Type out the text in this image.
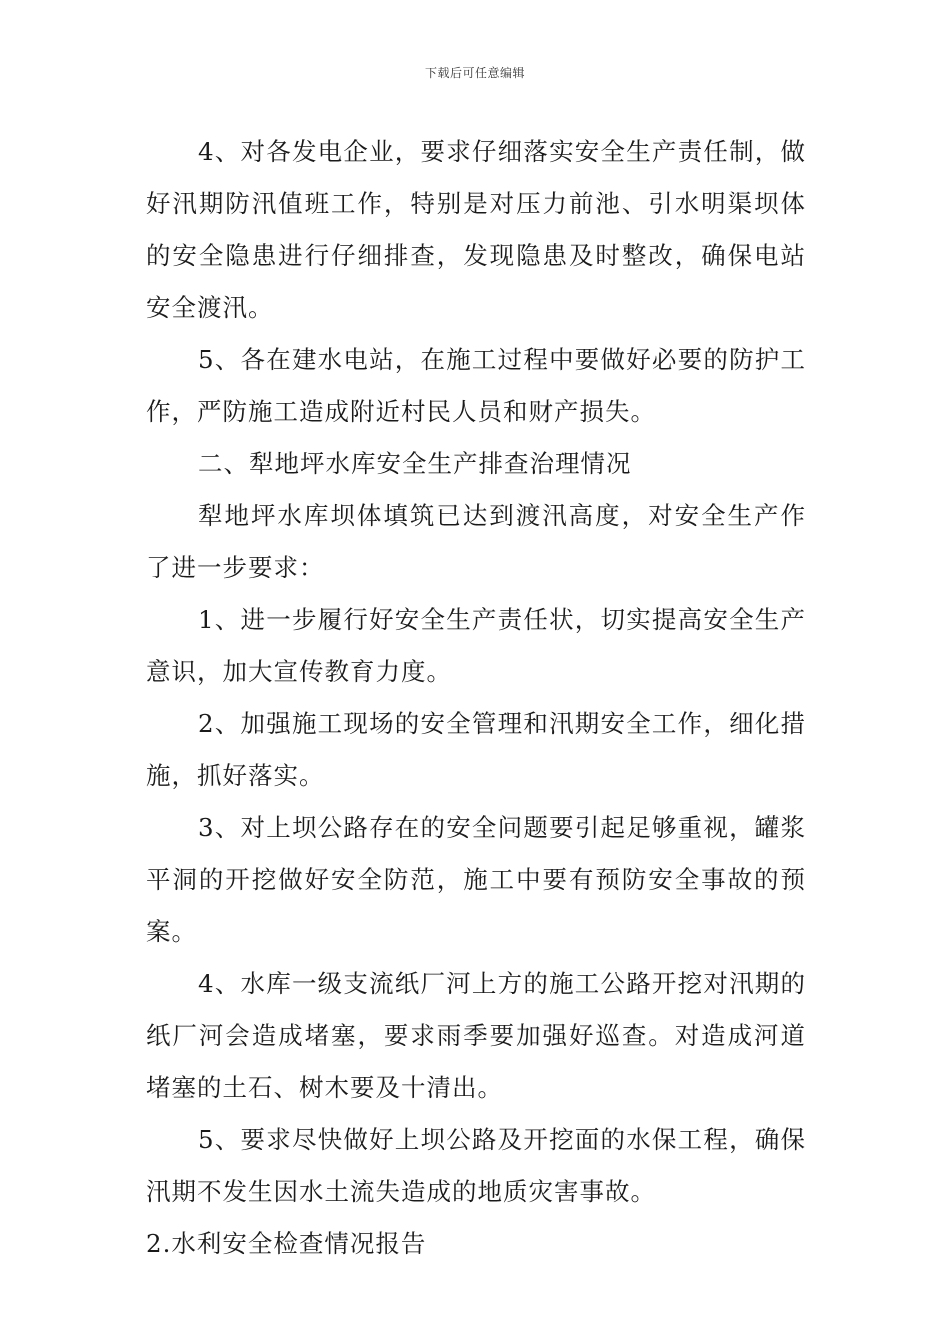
下载后可任意编辑

4、对各发电企业，要求仔细落实安全生产责任制，做好汛期防汛值班工作，特别是对压力前池、引水明渠坝体的安全隐患进行仔细排查，发现隐患及时整改，确保电站安全渡汛。

5、各在建水电站，在施工过程中要做好必要的防护工作，严防施工造成附近村民人员和财产损失。

二、犁地坪水库安全生产排查治理情况

犁地坪水库坝体填筑已达到渡汛高度，对安全生产作了进一步要求：

1、进一步履行好安全生产责任状，切实提高安全生产意识，加大宣传教育力度。

2、加强施工现场的安全管理和汛期安全工作，细化措施，抓好落实。

3、对上坝公路存在的安全问题要引起足够重视，罐浆平洞的开挖做好安全防范，施工中要有预防安全事故的预案。

4、水库一级支流纸厂河上方的施工公路开挖对汛期的纸厂河会造成堵塞，要求雨季要加强好巡查。对造成河道堵塞的土石、树木要及十清出。

5、要求尽快做好上坝公路及开挖面的水保工程，确保汛期不发生因水土流失造成的地质灾害事故。

2.水利安全检查情况报告
